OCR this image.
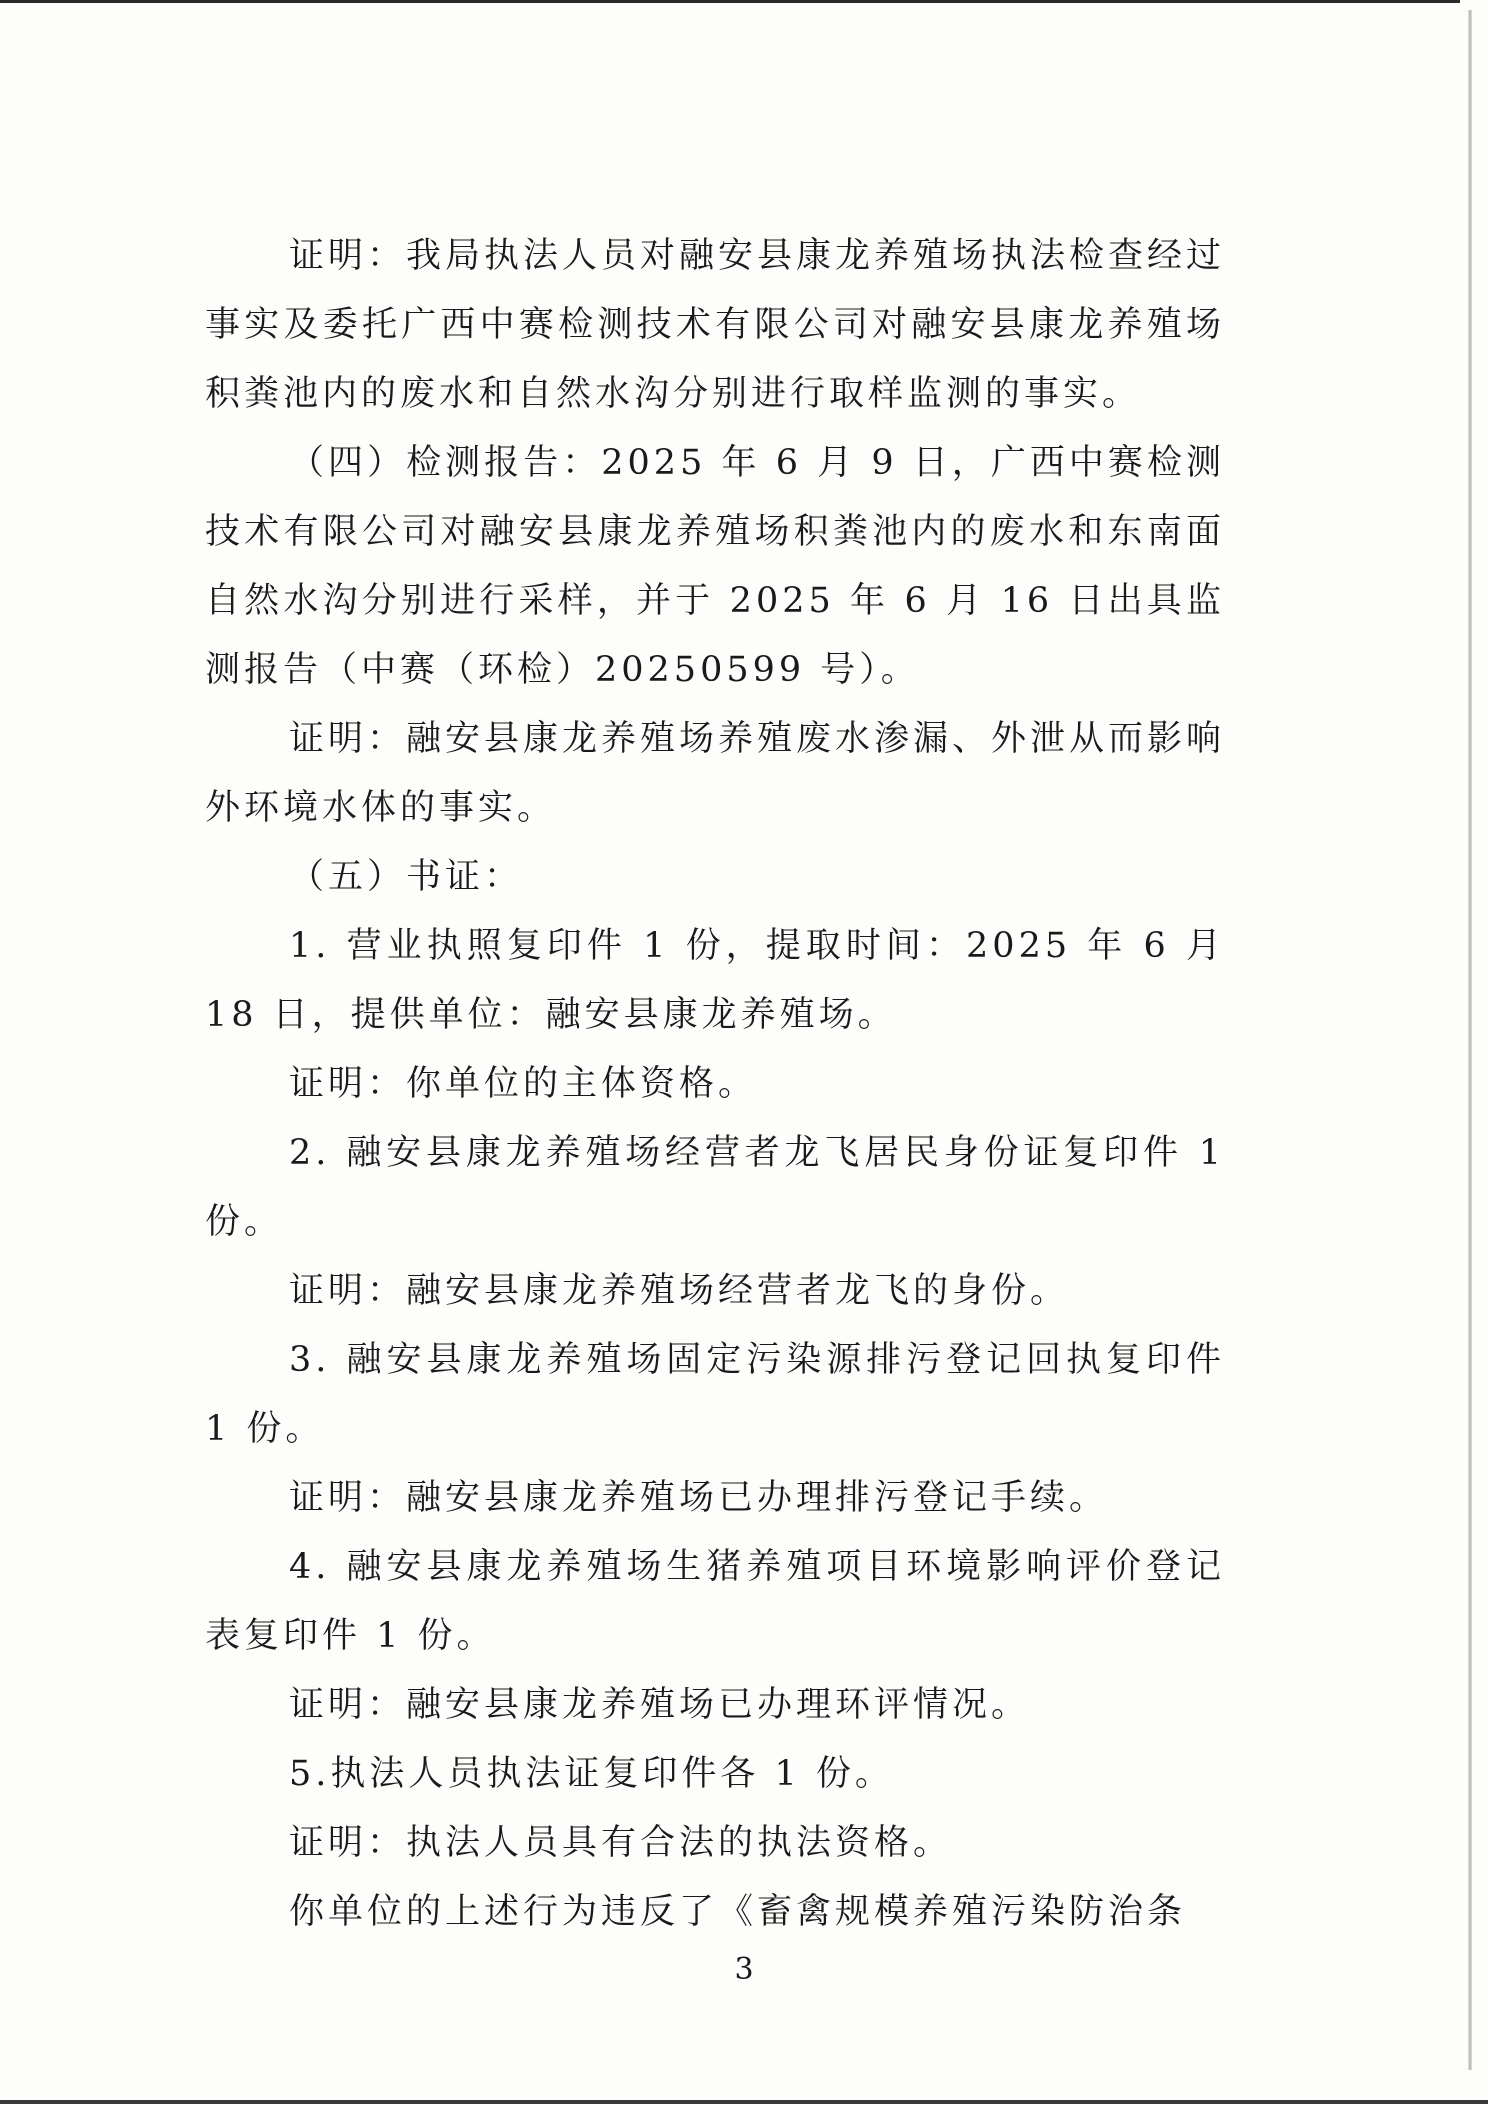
证明：我局执法人员对融安县康龙养殖场执法检查经过事实及委托广西中赛检测技术有限公司对融安县康龙养殖场积粪池内的废水和自然水沟分别进行取样监测的事实。

（四）检测报告：2025 年 6 月 9 日，广西中赛检测技术有限公司对融安县康龙养殖场积粪池内的废水和东南面自然水沟分别进行采样，并于 2025 年 6 月 16 日出具监测报告（中赛（环检）20250599 号）。

证明：融安县康龙养殖场养殖废水渗漏、外泄从而影响外环境水体的事实。

（五）书证：

1. 营业执照复印件 1 份，提取时间：2025 年 6 月 18 日，提供单位：融安县康龙养殖场。

证明：你单位的主体资格。

2. 融安县康龙养殖场经营者龙飞居民身份证复印件 1 份。

证明：融安县康龙养殖场经营者龙飞的身份。

3. 融安县康龙养殖场固定污染源排污登记回执复印件 1 份。

证明：融安县康龙养殖场已办理排污登记手续。

4. 融安县康龙养殖场生猪养殖项目环境影响评价登记表复印件 1 份。

证明：融安县康龙养殖场已办理环评情况。

5.执法人员执法证复印件各 1 份。

证明：执法人员具有合法的执法资格。

你单位的上述行为违反了《畜禽规模养殖污染防治条

3
